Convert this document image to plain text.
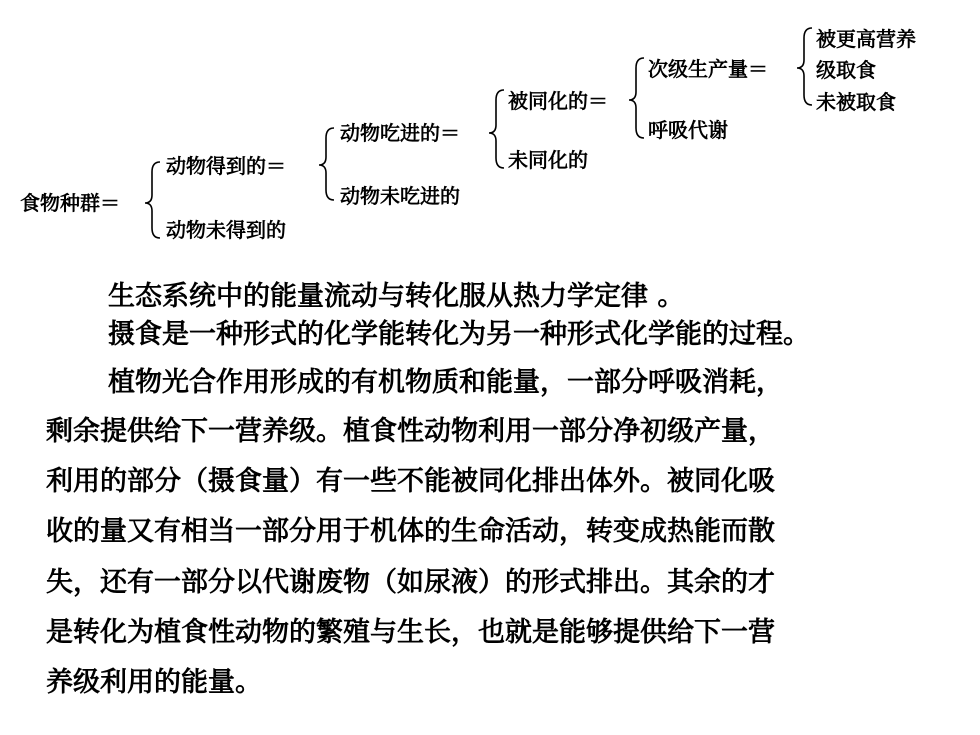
食物种群＝
动物得到的＝
动物未得到的
动物吃进的＝
动物未吃进的
被同化的＝
未同化的
次级生产量＝
呼吸代谢
被更高营养
级取食
未被取食

生态系统中的能量流动与转化服从热力学定律 。

摄食是一种形式的化学能转化为另一种形式化学能的过程。

植物光合作用形成的有机物质和能量，一部分呼吸消耗，

剩余提供给下一营养级。植食性动物利用一部分净初级产量，

利用的部分（摄食量）有一些不能被同化排出体外。被同化吸

收的量又有相当一部分用于机体的生命活动，转变成热能而散

失，还有一部分以代谢废物（如尿液）的形式排出。其余的才

是转化为植食性动物的繁殖与生长，也就是能够提供给下一营

养级利用的能量。
